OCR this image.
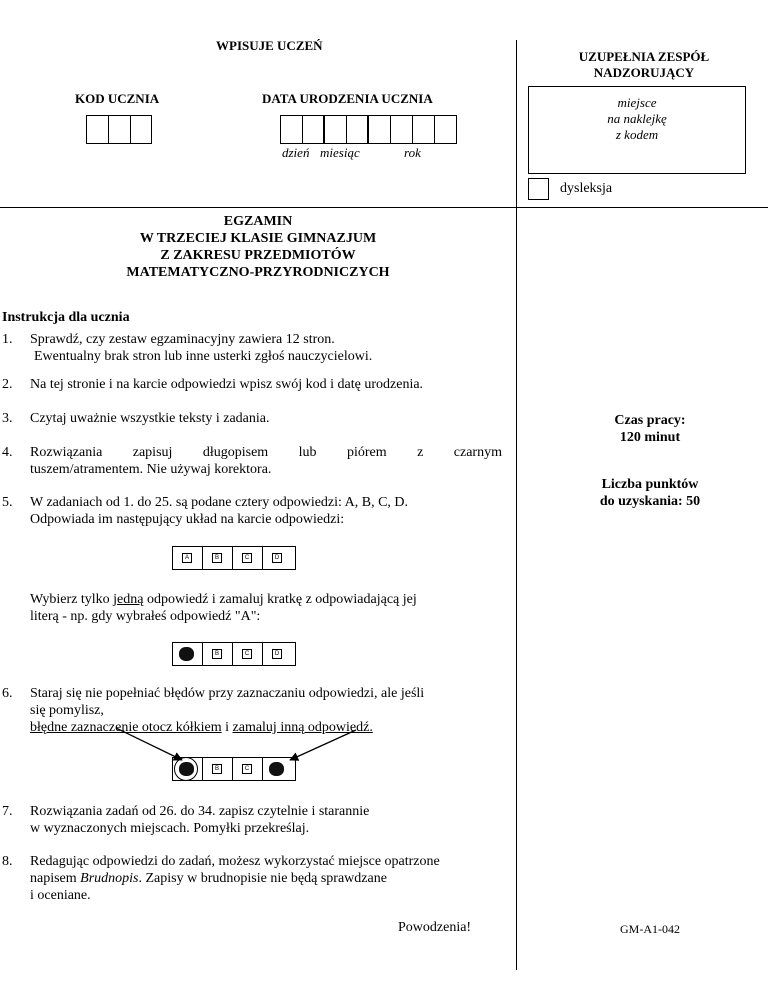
WPISUJE UCZEŃ
KOD UCZNIA	DATA URODZENIA UCZNIA
dzień miesiąc	rok
UZUPEŁNIA ZESPÓŁ
NADZORUJĄCY
miejsce
na naklejkę
z kodem
dysleksja
EGZAMIN
W TRZECIEJ KLASIE GIMNAZJUM
Z ZAKRESU PRZEDMIOTÓW
MATEMATYCZNO-PRZYRODNICZYCH
Instrukcja dla ucznia
1. Sprawdź, czy zestaw egzaminacyjny zawiera 12 stron.
Ewentualny brak stron lub inne usterki zgłoś nauczycielowi.
2. Na tej stronie i na karcie odpowiedzi wpisz swój kod i datę urodzenia.
3. Czytaj uważnie wszystkie teksty i zadania.
4. Rozwiązania zapisuj długopisem lub piórem z czarnym
tuszem/atramentem. Nie używaj korektora.
5. W zadaniach od 1. do 25. są podane cztery odpowiedzi: A, B, C, D.
Odpowiada im następujący układ na karcie odpowiedzi:
A	B	C	D
Wybierz tylko jedną odpowiedź i zamaluj kratkę z odpowiadającą jej
literą - np. gdy wybrałeś odpowiedź "A":
B	C	D
6. Staraj się nie popełniać błędów przy zaznaczaniu odpowiedzi, ale jeśli
się pomylisz,
błędne zaznaczenie otocz kółkiem i zamaluj inną odpowiedź.
B	C
7. Rozwiązania zadań od 26. do 34. zapisz czytelnie i starannie
w wyznaczonych miejscach. Pomyłki przekreślaj.
8. Redagując odpowiedzi do zadań, możesz wykorzystać miejsce opatrzone
napisem Brudnopis. Zapisy w brudnopisie nie będą sprawdzane
i oceniane.
Powodzenia!
Czas pracy:
120 minut
Liczba punktów
do uzyskania: 50
GM-A1-042
